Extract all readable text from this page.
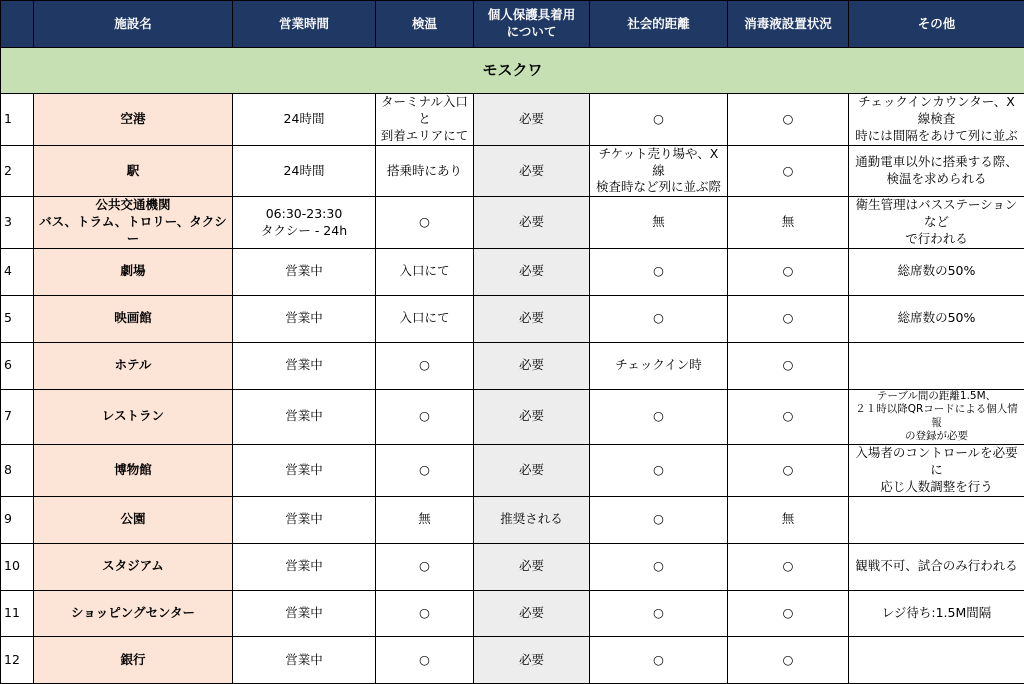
	施設名	営業時間	検温	個人保護具着用
について	社会的距離	消毒液設置状況	その他
モスクワ							

1	空港	24時間	ターミナル入口と
到着エリアにて	必要	○	○	チェックインカウンター、X線検査
時には間隔をあけて列に並ぶ

2	駅	24時間	搭乗時にあり	必要	チケット売り場や、X線
検査時など列に並ぶ際	○	通勤電車以外に搭乗する際、
検温を求められる

3	公共交通機関
バス、トラム、トロリー、タクシー	06:30-23:30
タクシー - 24h	○	必要	無	無	衛生管理はバスステーションなど
で行われる

4	劇場	営業中	入口にて	必要	○	○	総席数の50%

5	映画館	営業中	入口にて	必要	○	○	総席数の50%

6	ホテル	営業中	○	必要	チェックイン時	○	

7	レストラン	営業中	○	必要	○	○	テーブル間の距離1.5M、
２１時以降QRコードによる個人情報
の登録が必要

8	博物館	営業中	○	必要	○	○	入場者のコントロールを必要に
応じ人数調整を行う

9	公園	営業中	無	推奨される	○	無	

10	スタジアム	営業中	○	必要	○	○	観戦不可、試合のみ行われる

11	ショッピングセンター	営業中	○	必要	○	○	レジ待ち:1.5M間隔

12	銀行	営業中	○	必要	○	○	
